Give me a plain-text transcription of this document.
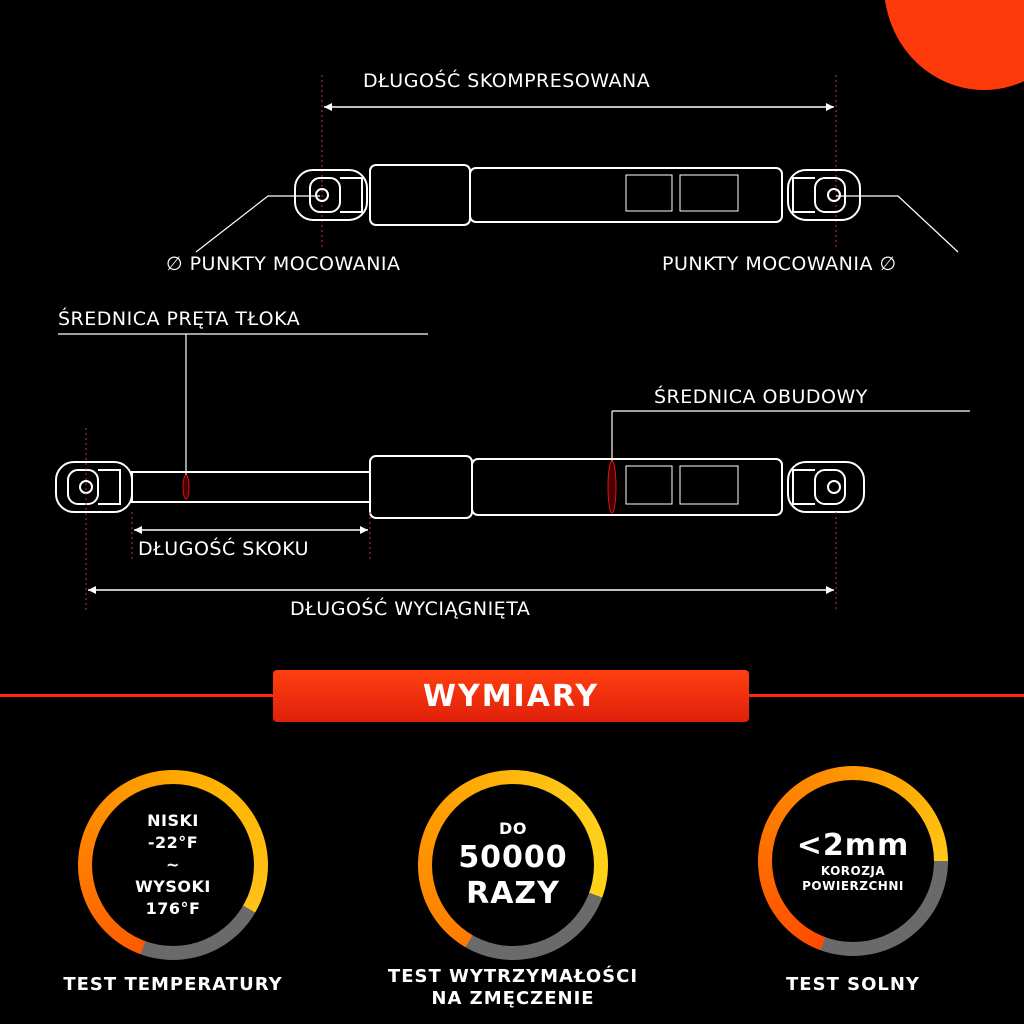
DŁUGOŚĆ SKOMPRESOWANA
∅ PUNKTY MOCOWANIA	PUNKTY MOCOWANIA ∅
ŚREDNICA PRĘTA TŁOKA
ŚREDNICA OBUDOWY
DŁUGOŚĆ SKOKU
DŁUGOŚĆ WYCIĄGNIĘTA
WYMIARY
NISKI
-22°F
~
WYSOKI
176°F
TEST TEMPERATURY
DO
50000
RAZY
TEST WYTRZYMAŁOŚCI
NA ZMĘCZENIE
<2mm
KOROZJA
POWIERZCHNI
TEST SOLNY
